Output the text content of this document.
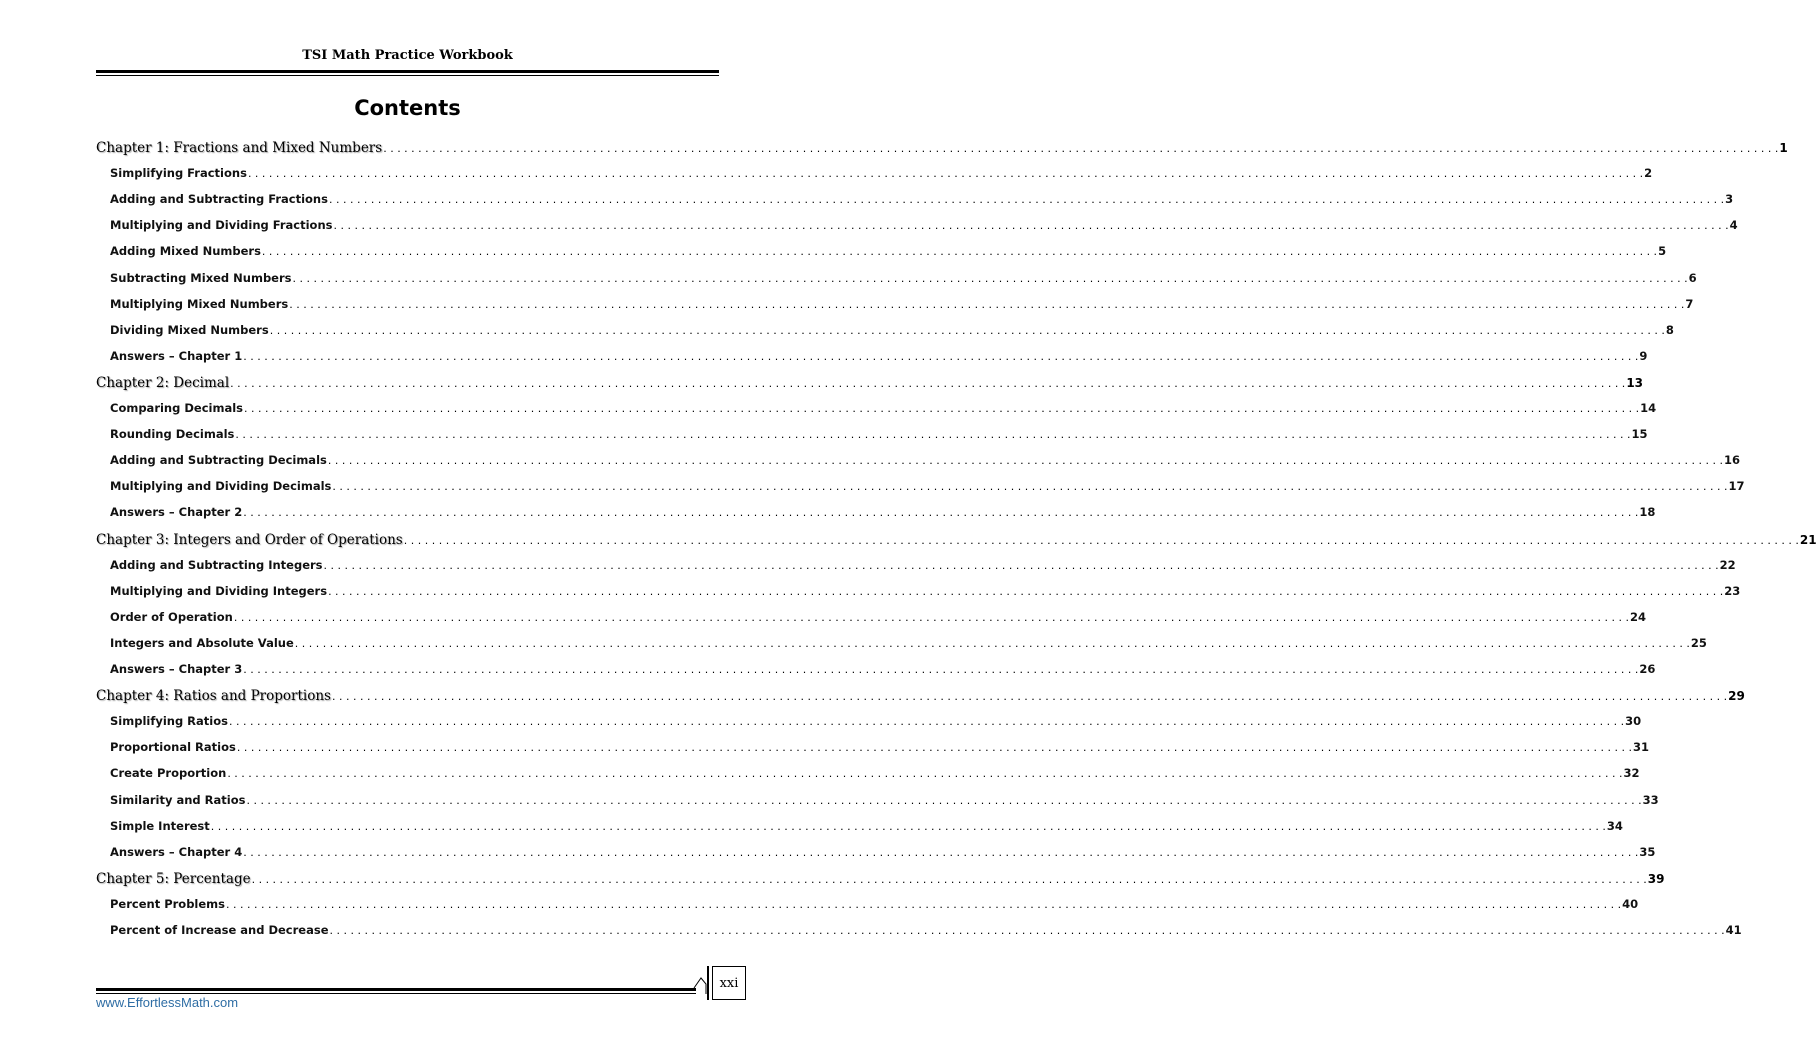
TSI Math Practice Workbook
Contents
Chapter 1: Fractions and Mixed Numbers . . . . . . . . . . . . . . . . . . . . . . . . . . . . . . . . . . . . . . . . . . . . . . . . . . . . . . . . . . . . . . . . . . . . . . . . . . . . . . . . . . . . . . . . . . . . . . . . . . . . . . . . . . . . . . . . . . . . . . . . . . . . . . . . . . . . . . . . . . . . . . . . . . . . . . . . . . . . . . . . . . . . . . . . . . . . . . . . . . . . . . . . . . . . . . . . . . . . . . . . 1
Simplifying Fractions . . . . . . . . . . . . . . . . . . . . . . . . . . . . . . . . . . . . . . . . . . . . . . . . . . . . . . . . . . . . . . . . . . . . . . . . . . . . . . . . . . . . . . . . . . . . . . . . . . . . . . . . . . . . . . . . . . . . . . . . . . . . . . . . . . . . . . . . . . . . . . . . . . . . . . . . . . . . . . . . . . . . . . . . . . . . . . . . . . . . . . . . . . . . . . . . . . . . . . . . 2
Adding and Subtracting Fractions . . . . . . . . . . . . . . . . . . . . . . . . . . . . . . . . . . . . . . . . . . . . . . . . . . . . . . . . . . . . . . . . . . . . . . . . . . . . . . . . . . . . . . . . . . . . . . . . . . . . . . . . . . . . . . . . . . . . . . . . . . . . . . . . . . . . . . . . . . . . . . . . . . . . . . . . . . . . . . . . . . . . . . . . . . . . . . . . . . . . . . . . . . . . . . . . . . . . . . . . 3
Multiplying and Dividing Fractions . . . . . . . . . . . . . . . . . . . . . . . . . . . . . . . . . . . . . . . . . . . . . . . . . . . . . . . . . . . . . . . . . . . . . . . . . . . . . . . . . . . . . . . . . . . . . . . . . . . . . . . . . . . . . . . . . . . . . . . . . . . . . . . . . . . . . . . . . . . . . . . . . . . . . . . . . . . . . . . . . . . . . . . . . . . . . . . . . . . . . . . . . . . . . . . . . . . . . . . . 4
Adding Mixed Numbers . . . . . . . . . . . . . . . . . . . . . . . . . . . . . . . . . . . . . . . . . . . . . . . . . . . . . . . . . . . . . . . . . . . . . . . . . . . . . . . . . . . . . . . . . . . . . . . . . . . . . . . . . . . . . . . . . . . . . . . . . . . . . . . . . . . . . . . . . . . . . . . . . . . . . . . . . . . . . . . . . . . . . . . . . . . . . . . . . . . . . . . . . . . . . . . . . . . . . . . . 5
Subtracting Mixed Numbers . . . . . . . . . . . . . . . . . . . . . . . . . . . . . . . . . . . . . . . . . . . . . . . . . . . . . . . . . . . . . . . . . . . . . . . . . . . . . . . . . . . . . . . . . . . . . . . . . . . . . . . . . . . . . . . . . . . . . . . . . . . . . . . . . . . . . . . . . . . . . . . . . . . . . . . . . . . . . . . . . . . . . . . . . . . . . . . . . . . . . . . . . . . . . . . . . . . . . . . . 6
Multiplying Mixed Numbers . . . . . . . . . . . . . . . . . . . . . . . . . . . . . . . . . . . . . . . . . . . . . . . . . . . . . . . . . . . . . . . . . . . . . . . . . . . . . . . . . . . . . . . . . . . . . . . . . . . . . . . . . . . . . . . . . . . . . . . . . . . . . . . . . . . . . . . . . . . . . . . . . . . . . . . . . . . . . . . . . . . . . . . . . . . . . . . . . . . . . . . . . . . . . . . . . . . . . . . . 7
Dividing Mixed Numbers . . . . . . . . . . . . . . . . . . . . . . . . . . . . . . . . . . . . . . . . . . . . . . . . . . . . . . . . . . . . . . . . . . . . . . . . . . . . . . . . . . . . . . . . . . . . . . . . . . . . . . . . . . . . . . . . . . . . . . . . . . . . . . . . . . . . . . . . . . . . . . . . . . . . . . . . . . . . . . . . . . . . . . . . . . . . . . . . . . . . . . . . . . . . . . . . . . . . . . . . 8
Answers – Chapter 1 . . . . . . . . . . . . . . . . . . . . . . . . . . . . . . . . . . . . . . . . . . . . . . . . . . . . . . . . . . . . . . . . . . . . . . . . . . . . . . . . . . . . . . . . . . . . . . . . . . . . . . . . . . . . . . . . . . . . . . . . . . . . . . . . . . . . . . . . . . . . . . . . . . . . . . . . . . . . . . . . . . . . . . . . . . . . . . . . . . . . . . . . . . . . . . . . . . . . . . . . 9
Chapter 2: Decimal . . . . . . . . . . . . . . . . . . . . . . . . . . . . . . . . . . . . . . . . . . . . . . . . . . . . . . . . . . . . . . . . . . . . . . . . . . . . . . . . . . . . . . . . . . . . . . . . . . . . . . . . . . . . . . . . . . . . . . . . . . . . . . . . . . . . . . . . . . . . . . . . . . . . . . . . . . . . . . . . . . . . . . . . . . . . . . . . . . . . . . . . . . . . . . . . . . . . . . . . 13
Comparing Decimals . . . . . . . . . . . . . . . . . . . . . . . . . . . . . . . . . . . . . . . . . . . . . . . . . . . . . . . . . . . . . . . . . . . . . . . . . . . . . . . . . . . . . . . . . . . . . . . . . . . . . . . . . . . . . . . . . . . . . . . . . . . . . . . . . . . . . . . . . . . . . . . . . . . . . . . . . . . . . . . . . . . . . . . . . . . . . . . . . . . . . . . . . . . . . . . . . . . . . . . . 14
Rounding Decimals . . . . . . . . . . . . . . . . . . . . . . . . . . . . . . . . . . . . . . . . . . . . . . . . . . . . . . . . . . . . . . . . . . . . . . . . . . . . . . . . . . . . . . . . . . . . . . . . . . . . . . . . . . . . . . . . . . . . . . . . . . . . . . . . . . . . . . . . . . . . . . . . . . . . . . . . . . . . . . . . . . . . . . . . . . . . . . . . . . . . . . . . . . . . . . . . . . . . . . . . 15
Adding and Subtracting Decimals . . . . . . . . . . . . . . . . . . . . . . . . . . . . . . . . . . . . . . . . . . . . . . . . . . . . . . . . . . . . . . . . . . . . . . . . . . . . . . . . . . . . . . . . . . . . . . . . . . . . . . . . . . . . . . . . . . . . . . . . . . . . . . . . . . . . . . . . . . . . . . . . . . . . . . . . . . . . . . . . . . . . . . . . . . . . . . . . . . . . . . . . . . . . . . . . . . . . . . . . 16
Multiplying and Dividing Decimals . . . . . . . . . . . . . . . . . . . . . . . . . . . . . . . . . . . . . . . . . . . . . . . . . . . . . . . . . . . . . . . . . . . . . . . . . . . . . . . . . . . . . . . . . . . . . . . . . . . . . . . . . . . . . . . . . . . . . . . . . . . . . . . . . . . . . . . . . . . . . . . . . . . . . . . . . . . . . . . . . . . . . . . . . . . . . . . . . . . . . . . . . . . . . . . . . . . . . . . . 17
Answers – Chapter 2 . . . . . . . . . . . . . . . . . . . . . . . . . . . . . . . . . . . . . . . . . . . . . . . . . . . . . . . . . . . . . . . . . . . . . . . . . . . . . . . . . . . . . . . . . . . . . . . . . . . . . . . . . . . . . . . . . . . . . . . . . . . . . . . . . . . . . . . . . . . . . . . . . . . . . . . . . . . . . . . . . . . . . . . . . . . . . . . . . . . . . . . . . . . . . . . . . . . . . . . . 18
Chapter 3: Integers and Order of Operations . . . . . . . . . . . . . . . . . . . . . . . . . . . . . . . . . . . . . . . . . . . . . . . . . . . . . . . . . . . . . . . . . . . . . . . . . . . . . . . . . . . . . . . . . . . . . . . . . . . . . . . . . . . . . . . . . . . . . . . . . . . . . . . . . . . . . . . . . . . . . . . . . . . . . . . . . . . . . . . . . . . . . . . . . . . . . . . . . . . . . . . . . . . . . . . . . . . . . . . . 21
Adding and Subtracting Integers . . . . . . . . . . . . . . . . . . . . . . . . . . . . . . . . . . . . . . . . . . . . . . . . . . . . . . . . . . . . . . . . . . . . . . . . . . . . . . . . . . . . . . . . . . . . . . . . . . . . . . . . . . . . . . . . . . . . . . . . . . . . . . . . . . . . . . . . . . . . . . . . . . . . . . . . . . . . . . . . . . . . . . . . . . . . . . . . . . . . . . . . . . . . . . . . . . . . . . . . 22
Multiplying and Dividing Integers . . . . . . . . . . . . . . . . . . . . . . . . . . . . . . . . . . . . . . . . . . . . . . . . . . . . . . . . . . . . . . . . . . . . . . . . . . . . . . . . . . . . . . . . . . . . . . . . . . . . . . . . . . . . . . . . . . . . . . . . . . . . . . . . . . . . . . . . . . . . . . . . . . . . . . . . . . . . . . . . . . . . . . . . . . . . . . . . . . . . . . . . . . . . . . . . . . . . . . . . 23
Order of Operation . . . . . . . . . . . . . . . . . . . . . . . . . . . . . . . . . . . . . . . . . . . . . . . . . . . . . . . . . . . . . . . . . . . . . . . . . . . . . . . . . . . . . . . . . . . . . . . . . . . . . . . . . . . . . . . . . . . . . . . . . . . . . . . . . . . . . . . . . . . . . . . . . . . . . . . . . . . . . . . . . . . . . . . . . . . . . . . . . . . . . . . . . . . . . . . . . . . . . . . . 24
Integers and Absolute Value . . . . . . . . . . . . . . . . . . . . . . . . . . . . . . . . . . . . . . . . . . . . . . . . . . . . . . . . . . . . . . . . . . . . . . . . . . . . . . . . . . . . . . . . . . . . . . . . . . . . . . . . . . . . . . . . . . . . . . . . . . . . . . . . . . . . . . . . . . . . . . . . . . . . . . . . . . . . . . . . . . . . . . . . . . . . . . . . . . . . . . . . . . . . . . . . . . . . . . . . 25
Answers – Chapter 3 . . . . . . . . . . . . . . . . . . . . . . . . . . . . . . . . . . . . . . . . . . . . . . . . . . . . . . . . . . . . . . . . . . . . . . . . . . . . . . . . . . . . . . . . . . . . . . . . . . . . . . . . . . . . . . . . . . . . . . . . . . . . . . . . . . . . . . . . . . . . . . . . . . . . . . . . . . . . . . . . . . . . . . . . . . . . . . . . . . . . . . . . . . . . . . . . . . . . . . . . 26
Chapter 4: Ratios and Proportions . . . . . . . . . . . . . . . . . . . . . . . . . . . . . . . . . . . . . . . . . . . . . . . . . . . . . . . . . . . . . . . . . . . . . . . . . . . . . . . . . . . . . . . . . . . . . . . . . . . . . . . . . . . . . . . . . . . . . . . . . . . . . . . . . . . . . . . . . . . . . . . . . . . . . . . . . . . . . . . . . . . . . . . . . . . . . . . . . . . . . . . . . . . . . . . . . . . . . . . . 29
Simplifying Ratios . . . . . . . . . . . . . . . . . . . . . . . . . . . . . . . . . . . . . . . . . . . . . . . . . . . . . . . . . . . . . . . . . . . . . . . . . . . . . . . . . . . . . . . . . . . . . . . . . . . . . . . . . . . . . . . . . . . . . . . . . . . . . . . . . . . . . . . . . . . . . . . . . . . . . . . . . . . . . . . . . . . . . . . . . . . . . . . . . . . . . . . . . . . . . . . . . . . . . . . . 30
Proportional Ratios . . . . . . . . . . . . . . . . . . . . . . . . . . . . . . . . . . . . . . . . . . . . . . . . . . . . . . . . . . . . . . . . . . . . . . . . . . . . . . . . . . . . . . . . . . . . . . . . . . . . . . . . . . . . . . . . . . . . . . . . . . . . . . . . . . . . . . . . . . . . . . . . . . . . . . . . . . . . . . . . . . . . . . . . . . . . . . . . . . . . . . . . . . . . . . . . . . . . . . . . 31
Create Proportion . . . . . . . . . . . . . . . . . . . . . . . . . . . . . . . . . . . . . . . . . . . . . . . . . . . . . . . . . . . . . . . . . . . . . . . . . . . . . . . . . . . . . . . . . . . . . . . . . . . . . . . . . . . . . . . . . . . . . . . . . . . . . . . . . . . . . . . . . . . . . . . . . . . . . . . . . . . . . . . . . . . . . . . . . . . . . . . . . . . . . . . . . . . . . . . . . . . . . . . . 32
Similarity and Ratios . . . . . . . . . . . . . . . . . . . . . . . . . . . . . . . . . . . . . . . . . . . . . . . . . . . . . . . . . . . . . . . . . . . . . . . . . . . . . . . . . . . . . . . . . . . . . . . . . . . . . . . . . . . . . . . . . . . . . . . . . . . . . . . . . . . . . . . . . . . . . . . . . . . . . . . . . . . . . . . . . . . . . . . . . . . . . . . . . . . . . . . . . . . . . . . . . . . . . . . . 33
Simple Interest . . . . . . . . . . . . . . . . . . . . . . . . . . . . . . . . . . . . . . . . . . . . . . . . . . . . . . . . . . . . . . . . . . . . . . . . . . . . . . . . . . . . . . . . . . . . . . . . . . . . . . . . . . . . . . . . . . . . . . . . . . . . . . . . . . . . . . . . . . . . . . . . . . . . . . . . . . . . . . . . . . . . . . . . . . . . . . . . . . . . . . . . . . . . . . . . . . . . . . . . 34
Answers – Chapter 4 . . . . . . . . . . . . . . . . . . . . . . . . . . . . . . . . . . . . . . . . . . . . . . . . . . . . . . . . . . . . . . . . . . . . . . . . . . . . . . . . . . . . . . . . . . . . . . . . . . . . . . . . . . . . . . . . . . . . . . . . . . . . . . . . . . . . . . . . . . . . . . . . . . . . . . . . . . . . . . . . . . . . . . . . . . . . . . . . . . . . . . . . . . . . . . . . . . . . . . . . 35
Chapter 5: Percentage . . . . . . . . . . . . . . . . . . . . . . . . . . . . . . . . . . . . . . . . . . . . . . . . . . . . . . . . . . . . . . . . . . . . . . . . . . . . . . . . . . . . . . . . . . . . . . . . . . . . . . . . . . . . . . . . . . . . . . . . . . . . . . . . . . . . . . . . . . . . . . . . . . . . . . . . . . . . . . . . . . . . . . . . . . . . . . . . . . . . . . . . . . . . . . . . . . . . . . . . 39
Percent Problems . . . . . . . . . . . . . . . . . . . . . . . . . . . . . . . . . . . . . . . . . . . . . . . . . . . . . . . . . . . . . . . . . . . . . . . . . . . . . . . . . . . . . . . . . . . . . . . . . . . . . . . . . . . . . . . . . . . . . . . . . . . . . . . . . . . . . . . . . . . . . . . . . . . . . . . . . . . . . . . . . . . . . . . . . . . . . . . . . . . . . . . . . . . . . . . . . . . . . . . . 40
Percent of Increase and Decrease . . . . . . . . . . . . . . . . . . . . . . . . . . . . . . . . . . . . . . . . . . . . . . . . . . . . . . . . . . . . . . . . . . . . . . . . . . . . . . . . . . . . . . . . . . . . . . . . . . . . . . . . . . . . . . . . . . . . . . . . . . . . . . . . . . . . . . . . . . . . . . . . . . . . . . . . . . . . . . . . . . . . . . . . . . . . . . . . . . . . . . . . . . . . . . . . . . . . . . . . 41
xxi
www.EffortlessMath.com
